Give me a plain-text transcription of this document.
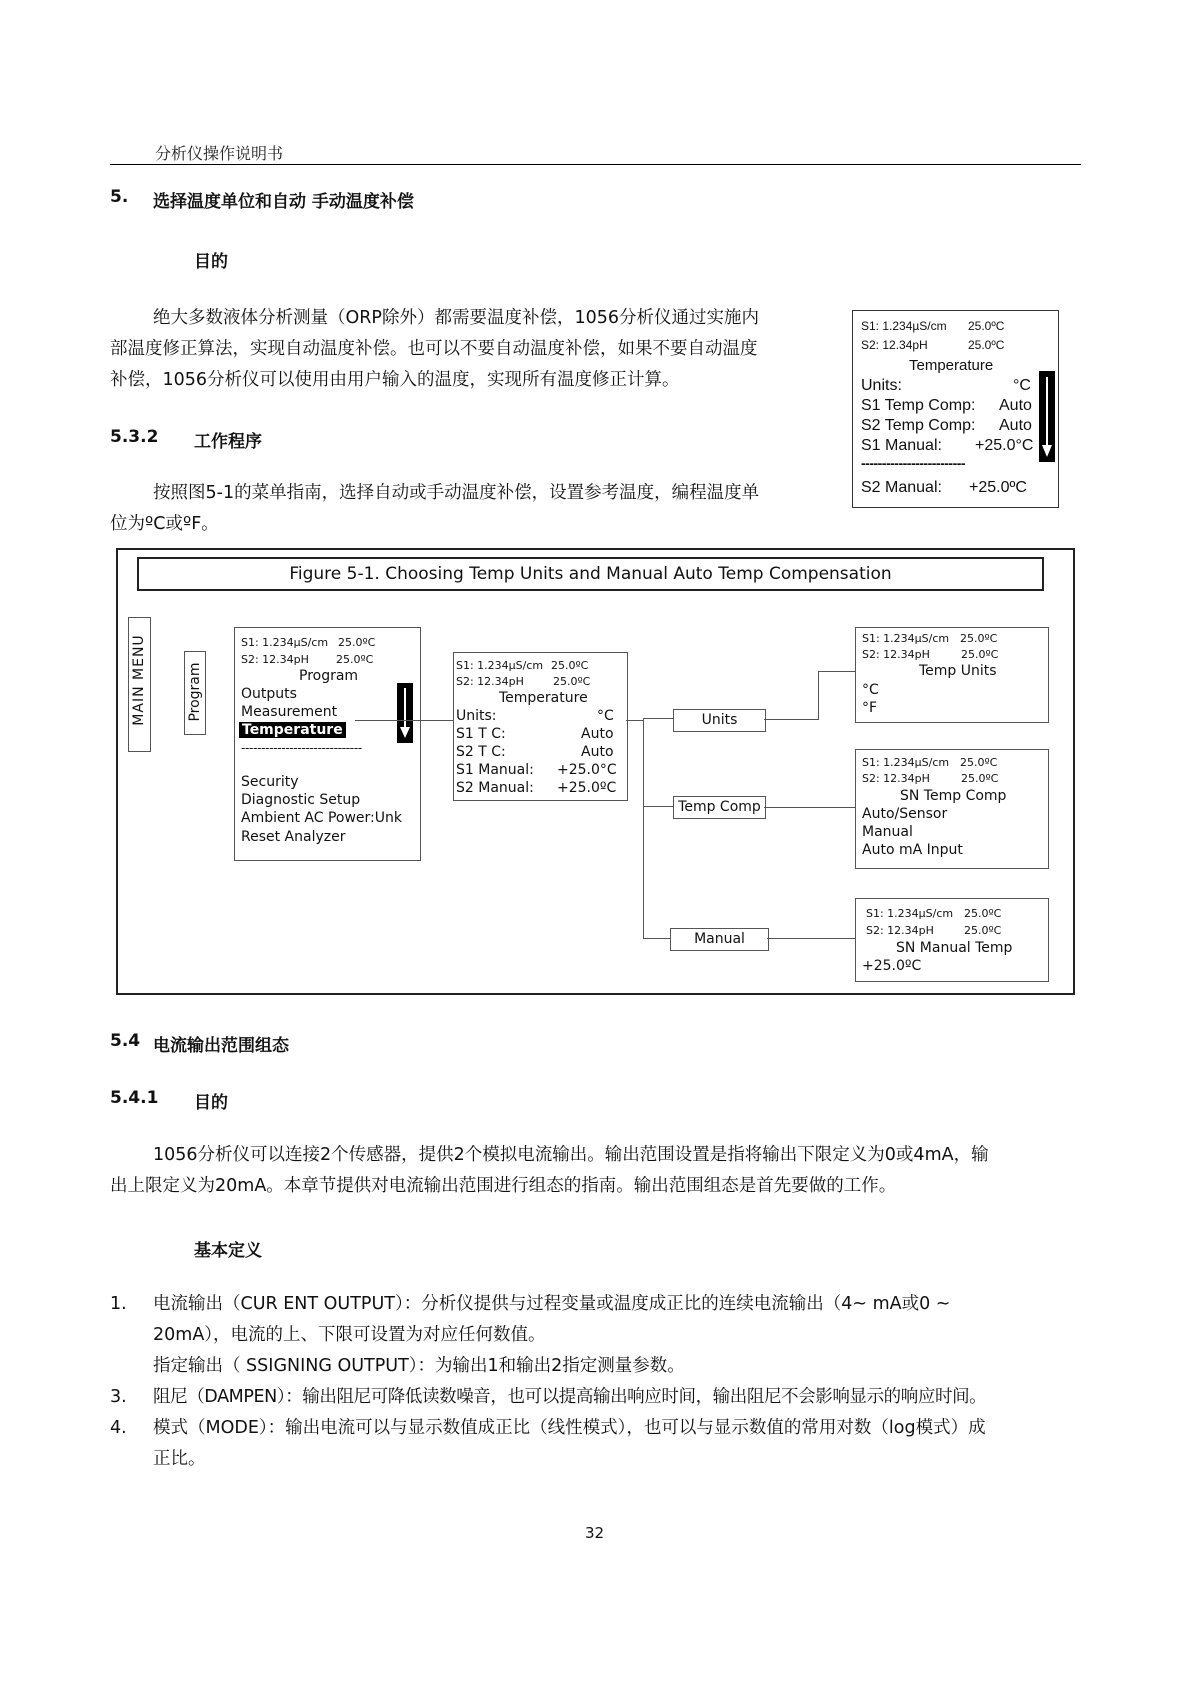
分析仪操作说明书
5. 选择温度单位和自动 手动温度补偿
目的
绝大多数液体分析测量（ORP除外）都需要温度补偿，1056分析仪通过实施内
部温度修正算法，实现自动温度补偿。也可以不要自动温度补偿，如果不要自动温度
补偿，1056分析仪可以使用由用户输入的温度，实现所有温度修正计算。
5.3.2 工作程序
按照图5-1的菜单指南，选择自动或手动温度补偿，设置参考温度，编程温度单
位为ºC或ºF。
S1: 1.234µS/cm 25.0ºC
S2: 12.34pH	25.0ºC
Temperature
Units:	°C
S1 Temp Comp: Auto
S2 Temp Comp: Auto
S1 Manual: +25.0°C
-------------------------
S2 Manual: +25.0ºC
Figure 5-1. Choosing Temp Units and Manual Auto Temp Compensation
MAIN MENU	Program
S1: 1.234µS/cm 25.0ºC
S2: 12.34pH 25.0ºC
Program
Outputs
Measurement
Temperature
------------------------------
Security
Diagnostic Setup
Ambient AC Power:Unk
Reset Analyzer
S1: 1.234µS/cm 25.0ºC
S2: 12.34pH	25.0ºC
Temperature
Units:	°C
S1 T C:	Auto
S2 T C:	Auto
S1 Manual: +25.0°C
S2 Manual: +25.0ºC
Units
Temp Comp
Manual
S1: 1.234µS/cm 25.0ºC
S2: 12.34pH	25.0ºC
Temp Units
°C
°F
S1: 1.234µS/cm 25.0ºC
S2: 12.34pH	25.0ºC
SN Temp Comp
Auto/Sensor
Manual
Auto mA Input
S1: 1.234µS/cm 25.0ºC
S2: 12.34pH	25.0ºC
SN Manual Temp
+25.0ºC
5.4 电流输出范围组态
5.4.1 目的
1056分析仪可以连接2个传感器，提供2个模拟电流输出。输出范围设置是指将输出下限定义为0或4mA，输
出上限定义为20mA。本章节提供对电流输出范围进行组态的指南。输出范围组态是首先要做的工作。
基本定义
1. 电流输出（CUR ENT OUTPUT）：分析仪提供与过程变量或温度成正比的连续电流输出（4~ mA或0 ~
20mA），电流的上、下限可设置为对应任何数值。
指定输出（ SSIGNING OUTPUT）：为输出1和输出2指定测量参数。
3. 阻尼（DAMPEN）：输出阻尼可降低读数噪音，也可以提高输出响应时间，输出阻尼不会影响显示的响应时间。
4. 模式（MODE）：输出电流可以与显示数值成正比（线性模式），也可以与显示数值的常用对数（log模式）成
正比。
32
